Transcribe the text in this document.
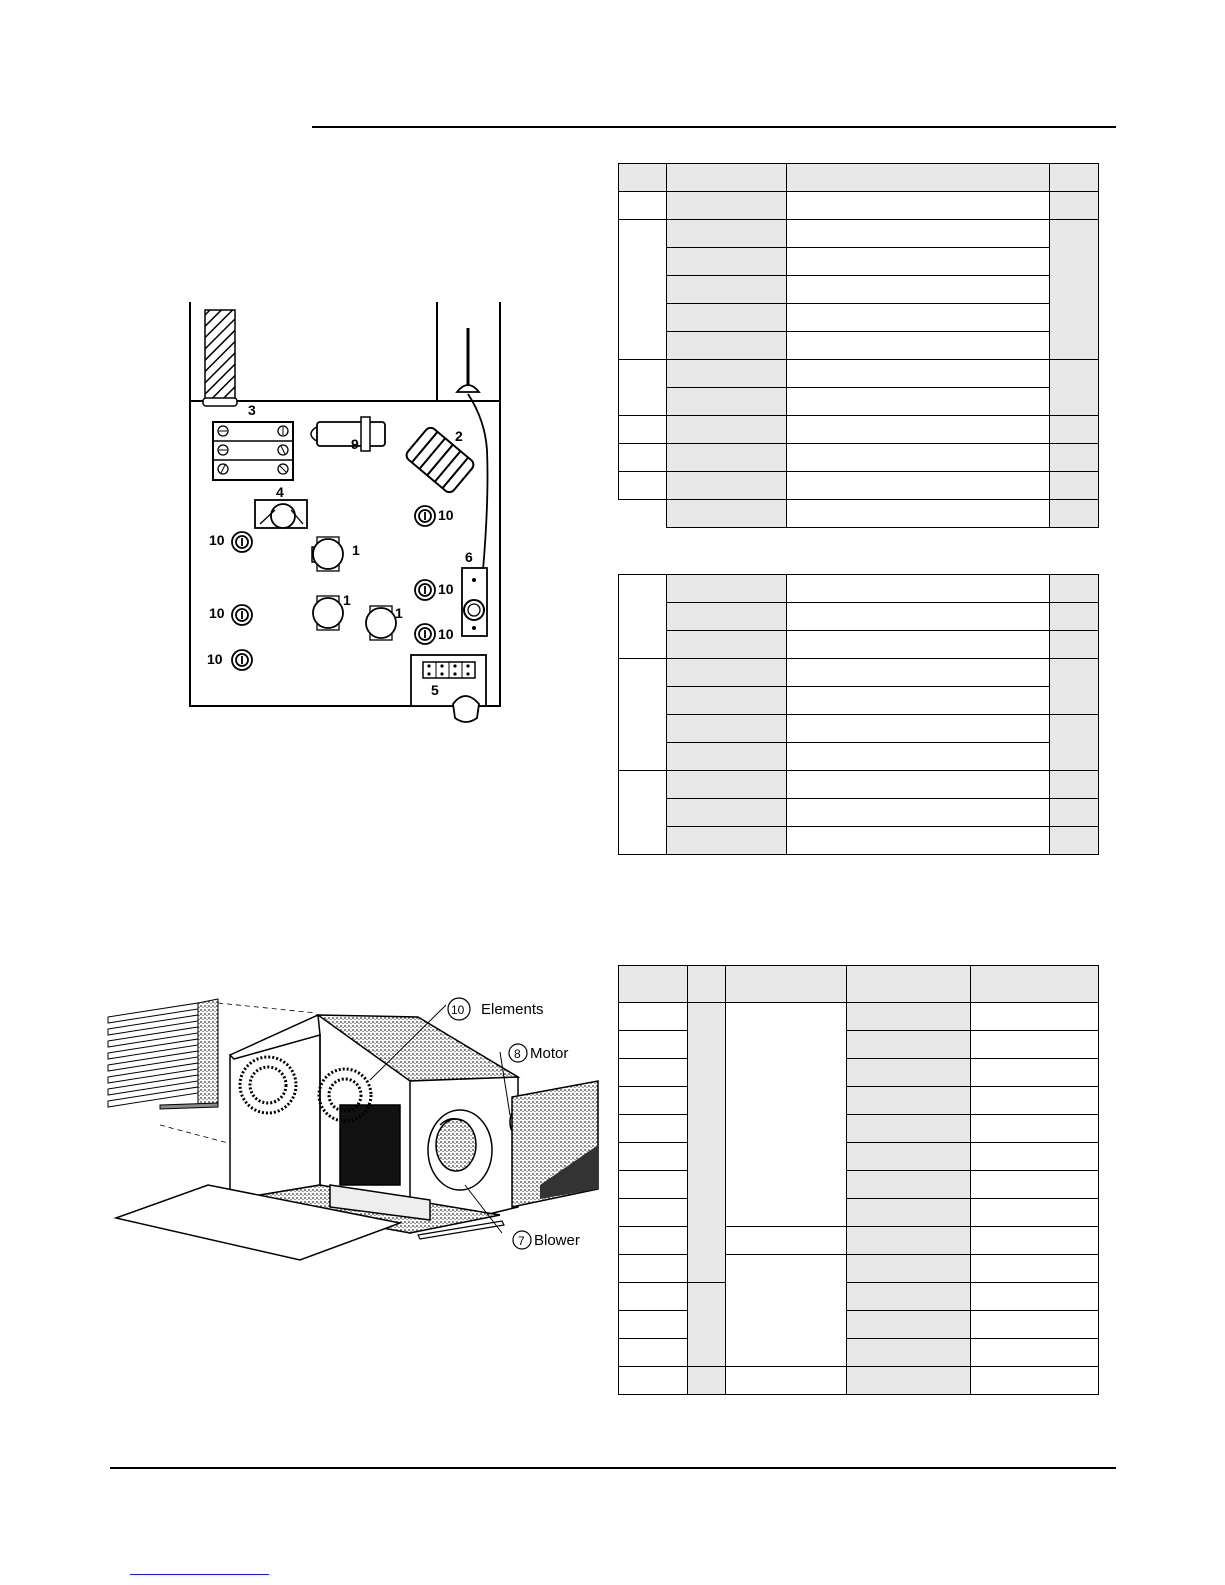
1
1
1
2
3
4
5
6
9
10
10
10
10
10
10
10 Elements
8 Motor
7 Blower
